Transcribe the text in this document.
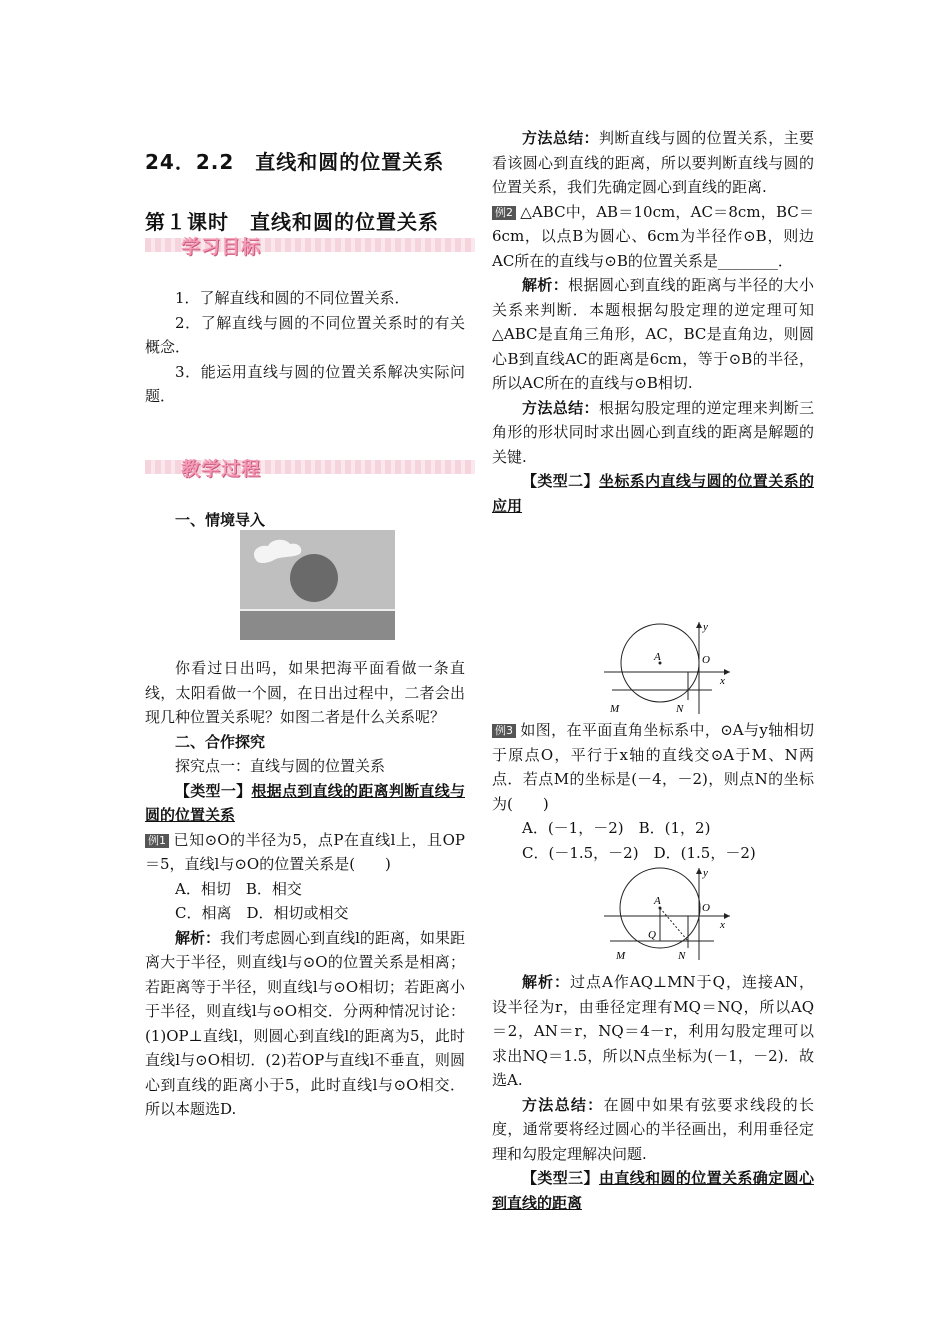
24．2.2　直线和圆的位置关系
第１课时　直线和圆的位置关系
学习目标

1．了解直线和圆的不同位置关系．

2．了解直线与圆的不同位置关系时的有关概念．

3．能运用直线与圆的位置关系解决实际问题．

教学过程
一、情境导入

你看过日出吗，如果把海平面看做一条直线，太阳看做一个圆，在日出过程中，二者会出现几种位置关系呢？如图二者是什么关系呢？

二、合作探究

探究点一：直线与圆的位置关系

【类型一】根据点到直线的距离判断直线与圆的位置关系

例1 已知⊙O的半径为5，点P在直线l上，且OP＝5，直线l与⊙O的位置关系是(　　)

A．相切　B．相交

C．相离　D．相切或相交

解析：我们考虑圆心到直线l的距离，如果距离大于半径，则直线l与⊙O的位置关系是相离；若距离等于半径，则直线l与⊙O相切；若距离小于半径，则直线l与⊙O相交．分两种情况讨论：(1)OP⊥直线l，则圆心到直线l的距离为5，此时直线l与⊙O相切．(2)若OP与直线l不垂直，则圆心到直线的距离小于5，此时直线l与⊙O相交．所以本题选D.

方法总结：判断直线与圆的位置关系，主要看该圆心到直线的距离，所以要判断直线与圆的位置关系，我们先确定圆心到直线的距离.

例2 △ABC中，AB＝10cm，AC＝8cm，BC＝6cm，以点B为圆心、6cm为半径作⊙B，则边AC所在的直线与⊙B的位置关系是________．

解析：根据圆心到直线的距离与半径的大小关系来判断．本题根据勾股定理的逆定理可知△ABC是直角三角形，AC，BC是直角边，则圆心B到直线AC的距离是6cm，等于⊙B的半径，所以AC所在的直线与⊙B相切.

方法总结：根据勾股定理的逆定理来判断三角形的形状同时求出圆心到直线的距离是解题的关键.

【类型二】坐标系内直线与圆的位置关系的应用

A	O
x
y
M	N

例3 如图，在平面直角坐标系中，⊙A与y轴相切于原点O，平行于x轴的直线交⊙A于M、N两点．若点M的坐标是(－4，－2)，则点N的坐标为(　　)

A．(－1，－2)　B．(1，2)

C．(－1.5，－2)　D．(1.5，－2)

A
O
x
y
Q
M	N

解析：过点A作AQ⊥MN于Q，连接AN，设半径为r，由垂径定理有MQ＝NQ，所以AQ＝2，AN＝r，NQ＝4－r，利用勾股定理可以求出NQ＝1.5，所以N点坐标为(－1，－2)．故选A.

方法总结：在圆中如果有弦要求线段的长度，通常要将经过圆心的半径画出，利用垂径定理和勾股定理解决问题.

【类型三】由直线和圆的位置关系确定圆心到直线的距离
